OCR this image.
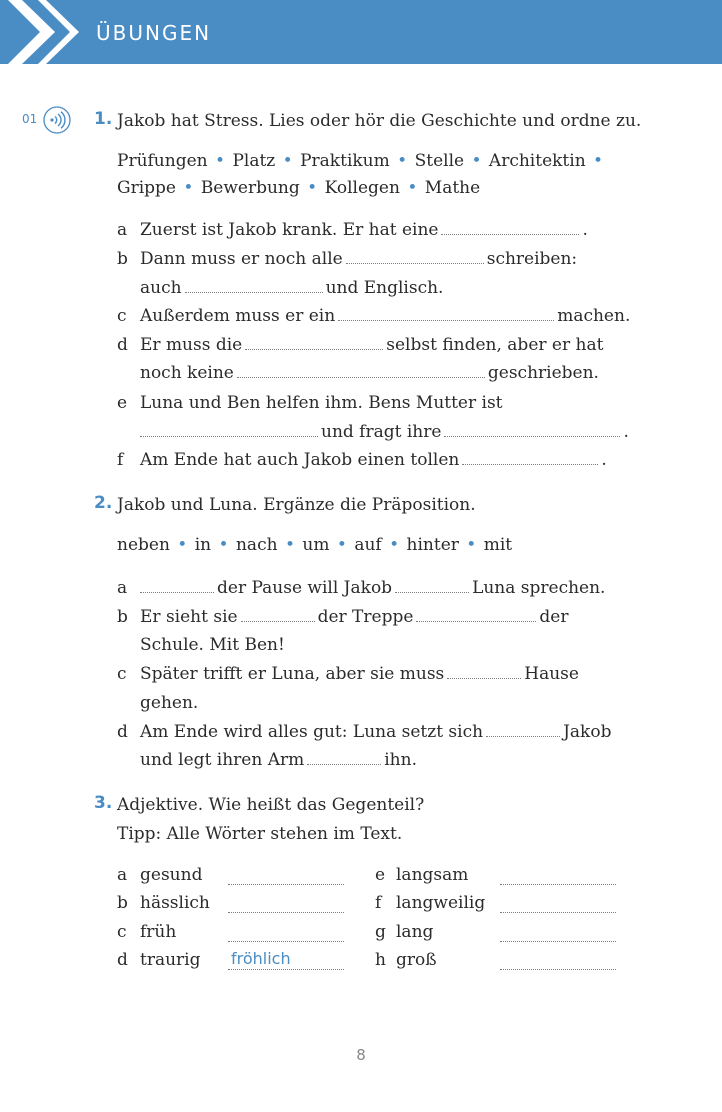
ÜBUNGEN
01	1. Jakob hat Stress. Lies oder hör die Geschichte und ordne zu.
Prüfungen • Platz • Praktikum • Stelle • Architektin •
Grippe • Bewerbung • Kollegen • Mathe
a Zuerst ist Jakob krank. Er hat eine	.
b Dann muss er noch alle	schreiben:
auch	und Englisch.
c Außerdem muss er ein	machen.
d Er muss die	selbst finden, aber er hat
noch keine	geschrieben.
e Luna und Ben helfen ihm. Bens Mutter ist
und fragt ihre	.
f Am Ende hat auch Jakob einen tollen	.
2. Jakob und Luna. Ergänze die Präposition.
neben • in • nach • um • auf • hinter • mit
a	der Pause will Jakob	Luna sprechen.
b Er sieht sie	der Treppe	der
Schule. Mit Ben!
c Später trifft er Luna, aber sie muss	Hause
gehen.
d Am Ende wird alles gut: Luna setzt sich	Jakob
und legt ihren Arm	ihn.
3. Adjektive. Wie heißt das Gegenteil?
Tipp: Alle Wörter stehen im Text.
a gesund
b hässlich
c früh
d traurig fröhlich
e langsam
f langweilig
g lang
h groß
8
